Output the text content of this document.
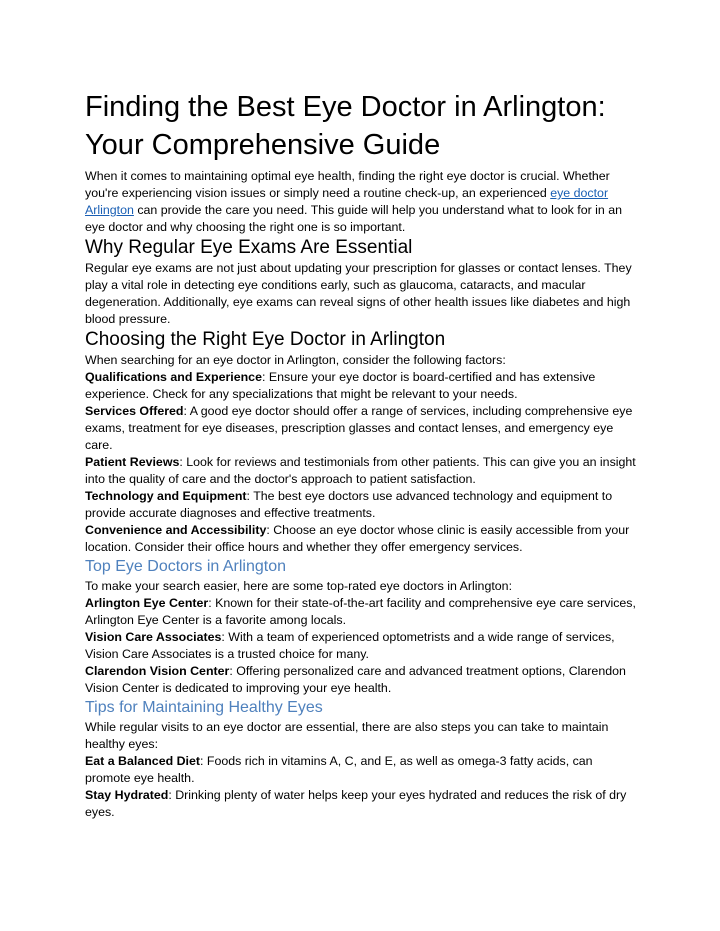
Finding the Best Eye Doctor in Arlington: Your Comprehensive Guide

When it comes to maintaining optimal eye health, finding the right eye doctor is crucial. Whether you're experiencing vision issues or simply need a routine check-up, an experienced eye doctor Arlington can provide the care you need. This guide will help you understand what to look for in an eye doctor and why choosing the right one is so important.

Why Regular Eye Exams Are Essential

Regular eye exams are not just about updating your prescription for glasses or contact lenses. They play a vital role in detecting eye conditions early, such as glaucoma, cataracts, and macular degeneration. Additionally, eye exams can reveal signs of other health issues like diabetes and high blood pressure.

Choosing the Right Eye Doctor in Arlington

When searching for an eye doctor in Arlington, consider the following factors:

Qualifications and Experience: Ensure your eye doctor is board-certified and has extensive experience. Check for any specializations that might be relevant to your needs.

Services Offered: A good eye doctor should offer a range of services, including comprehensive eye exams, treatment for eye diseases, prescription glasses and contact lenses, and emergency eye care.

Patient Reviews: Look for reviews and testimonials from other patients. This can give you an insight into the quality of care and the doctor's approach to patient satisfaction.

Technology and Equipment: The best eye doctors use advanced technology and equipment to provide accurate diagnoses and effective treatments.

Convenience and Accessibility: Choose an eye doctor whose clinic is easily accessible from your location. Consider their office hours and whether they offer emergency services.

Top Eye Doctors in Arlington

To make your search easier, here are some top-rated eye doctors in Arlington:

Arlington Eye Center: Known for their state-of-the-art facility and comprehensive eye care services, Arlington Eye Center is a favorite among locals.

Vision Care Associates: With a team of experienced optometrists and a wide range of services, Vision Care Associates is a trusted choice for many.

Clarendon Vision Center: Offering personalized care and advanced treatment options, Clarendon Vision Center is dedicated to improving your eye health.

Tips for Maintaining Healthy Eyes

While regular visits to an eye doctor are essential, there are also steps you can take to maintain healthy eyes:

Eat a Balanced Diet: Foods rich in vitamins A, C, and E, as well as omega-3 fatty acids, can promote eye health.

Stay Hydrated: Drinking plenty of water helps keep your eyes hydrated and reduces the risk of dry eyes.
